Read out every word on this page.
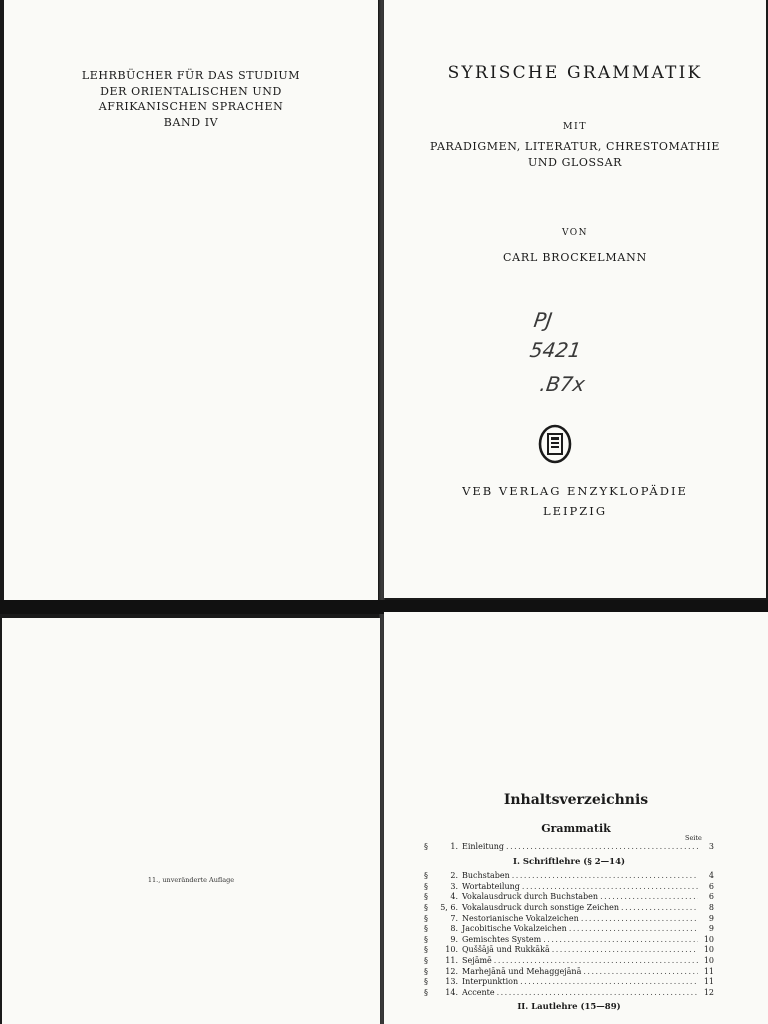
LEHRBÜCHER FÜR DAS STUDIUM
DER ORIENTALISCHEN UND
AFRIKANISCHEN SPRACHEN
BAND IV
SYRISCHE GRAMMATIK
MIT
PARADIGMEN, LITERATUR, CHRESTOMATHIE
UND GLOSSAR
VON
CARL BROCKELMANN
PJ
5421
.B7x
VEB VERLAG ENZYKLOPÄDIE
LEIPZIG
11., unveränderte Auflage
Inhaltsverzeichnis
Grammatik
Seite
§	1. Einleitung .....	3
I. Schriftlehre (§ 2—14)
§	2. Buchstaben .....	4
§	3. Wortabteilung .....	6
§	4. Vokalausdruck durch Buchstaben .....	6
§	5, 6. Vokalausdruck durch sonstige Zeichen .....	8
§	7. Nestorianische Vokalzeichen .....	9
§	8. Jacobitische Vokalzeichen .....	9
§	9. Gemischtes System .....	10
§	10. Quššājā und Rukkākā .....	10
§	11. Sejāmē .....	10
§	12. Marhejānā und Mehaggejānā .....	11
§	13. Interpunktion .....	11
§	14. Accente .....	12
II. Lautlehre (15—89)
